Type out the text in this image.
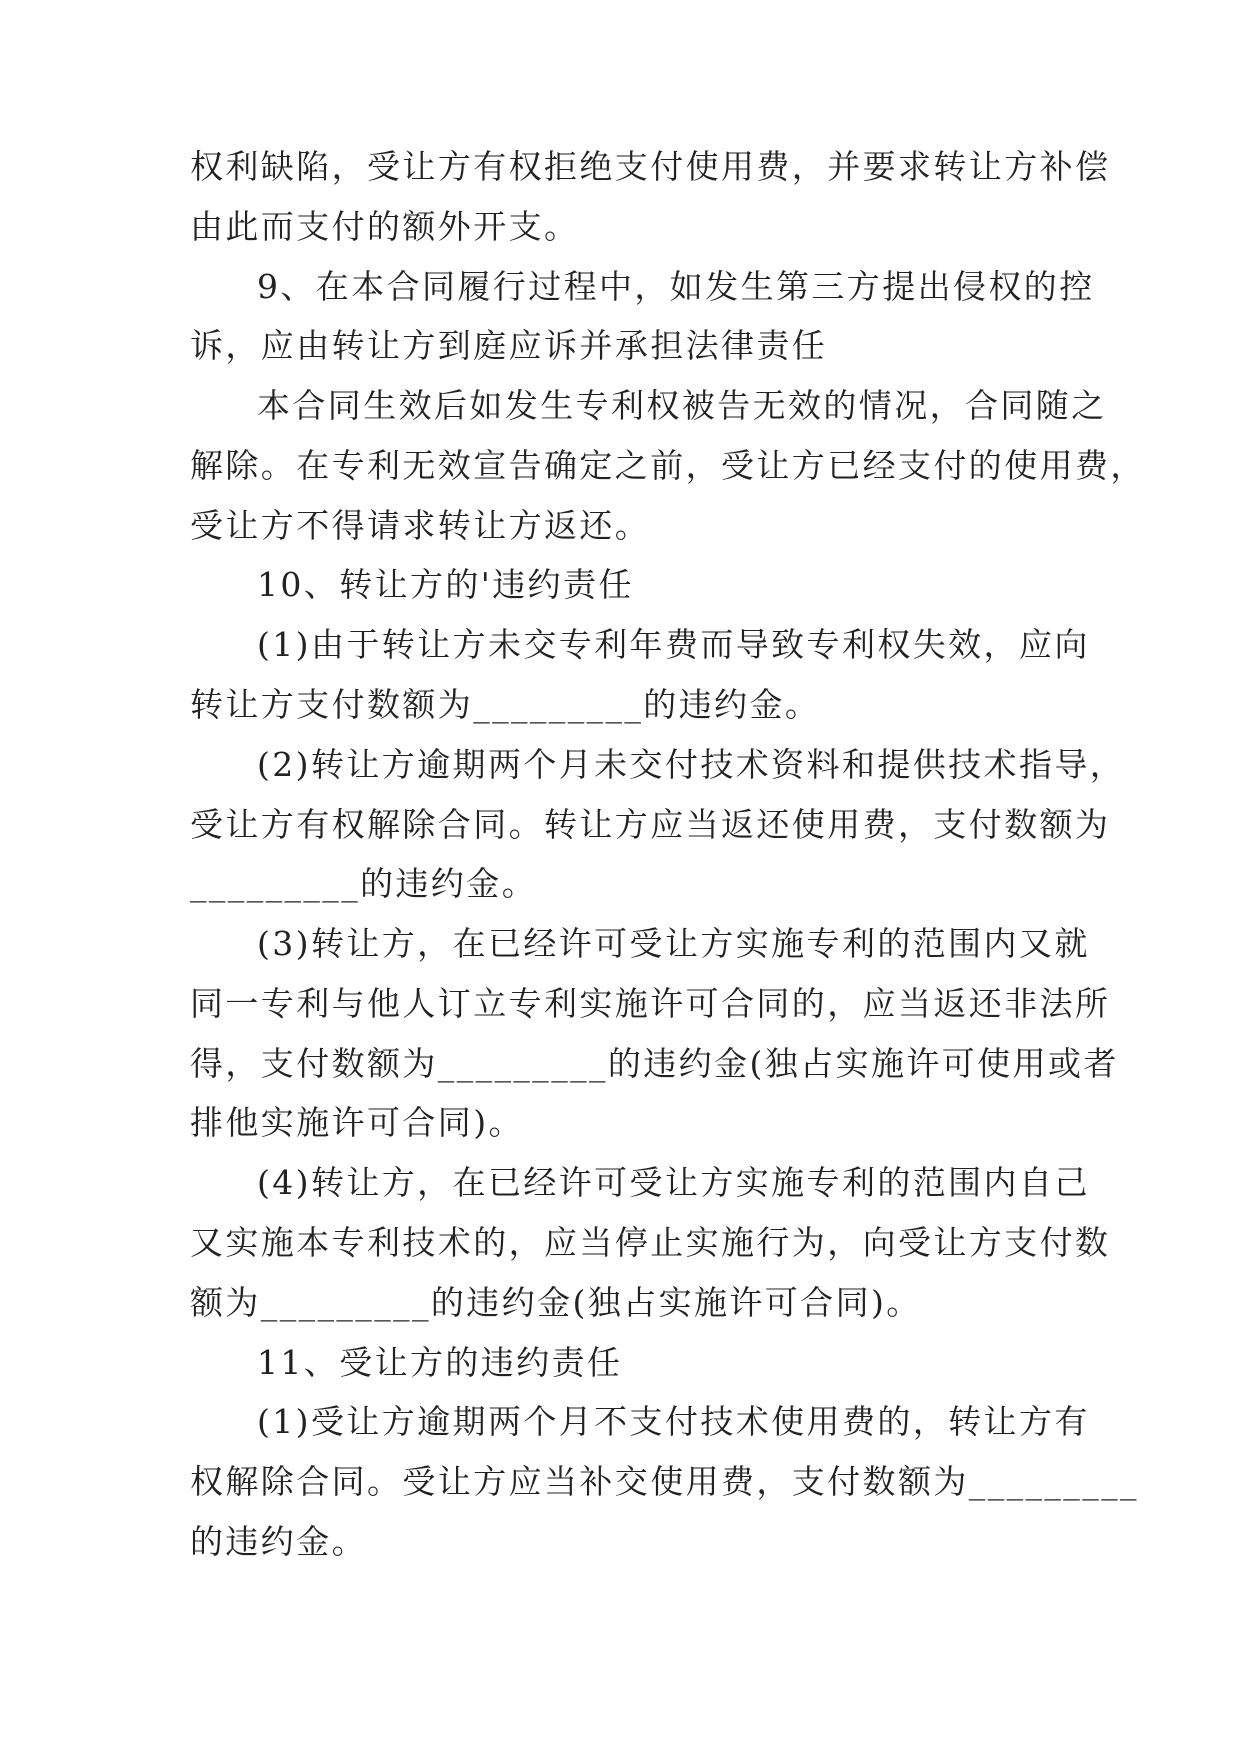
权利缺陷，受让方有权拒绝支付使用费，并要求转让方补偿
由此而支付的额外开支。
9、在本合同履行过程中，如发生第三方提出侵权的控
诉，应由转让方到庭应诉并承担法律责任
本合同生效后如发生专利权被告无效的情况，合同随之
解除。在专利无效宣告确定之前，受让方已经支付的使用费，
受让方不得请求转让方返还。
10、转让方的'违约责任
(1)由于转让方未交专利年费而导致专利权失效，应向
转让方支付数额为_________的违约金。
(2)转让方逾期两个月未交付技术资料和提供技术指导，
受让方有权解除合同。转让方应当返还使用费，支付数额为
_________的违约金。
(3)转让方，在已经许可受让方实施专利的范围内又就
同一专利与他人订立专利实施许可合同的，应当返还非法所
得，支付数额为_________的违约金(独占实施许可使用或者
排他实施许可合同)。
(4)转让方，在已经许可受让方实施专利的范围内自己
又实施本专利技术的，应当停止实施行为，向受让方支付数
额为_________的违约金(独占实施许可合同)。
11、受让方的违约责任
(1)受让方逾期两个月不支付技术使用费的，转让方有
权解除合同。受让方应当补交使用费，支付数额为_________
的违约金。
